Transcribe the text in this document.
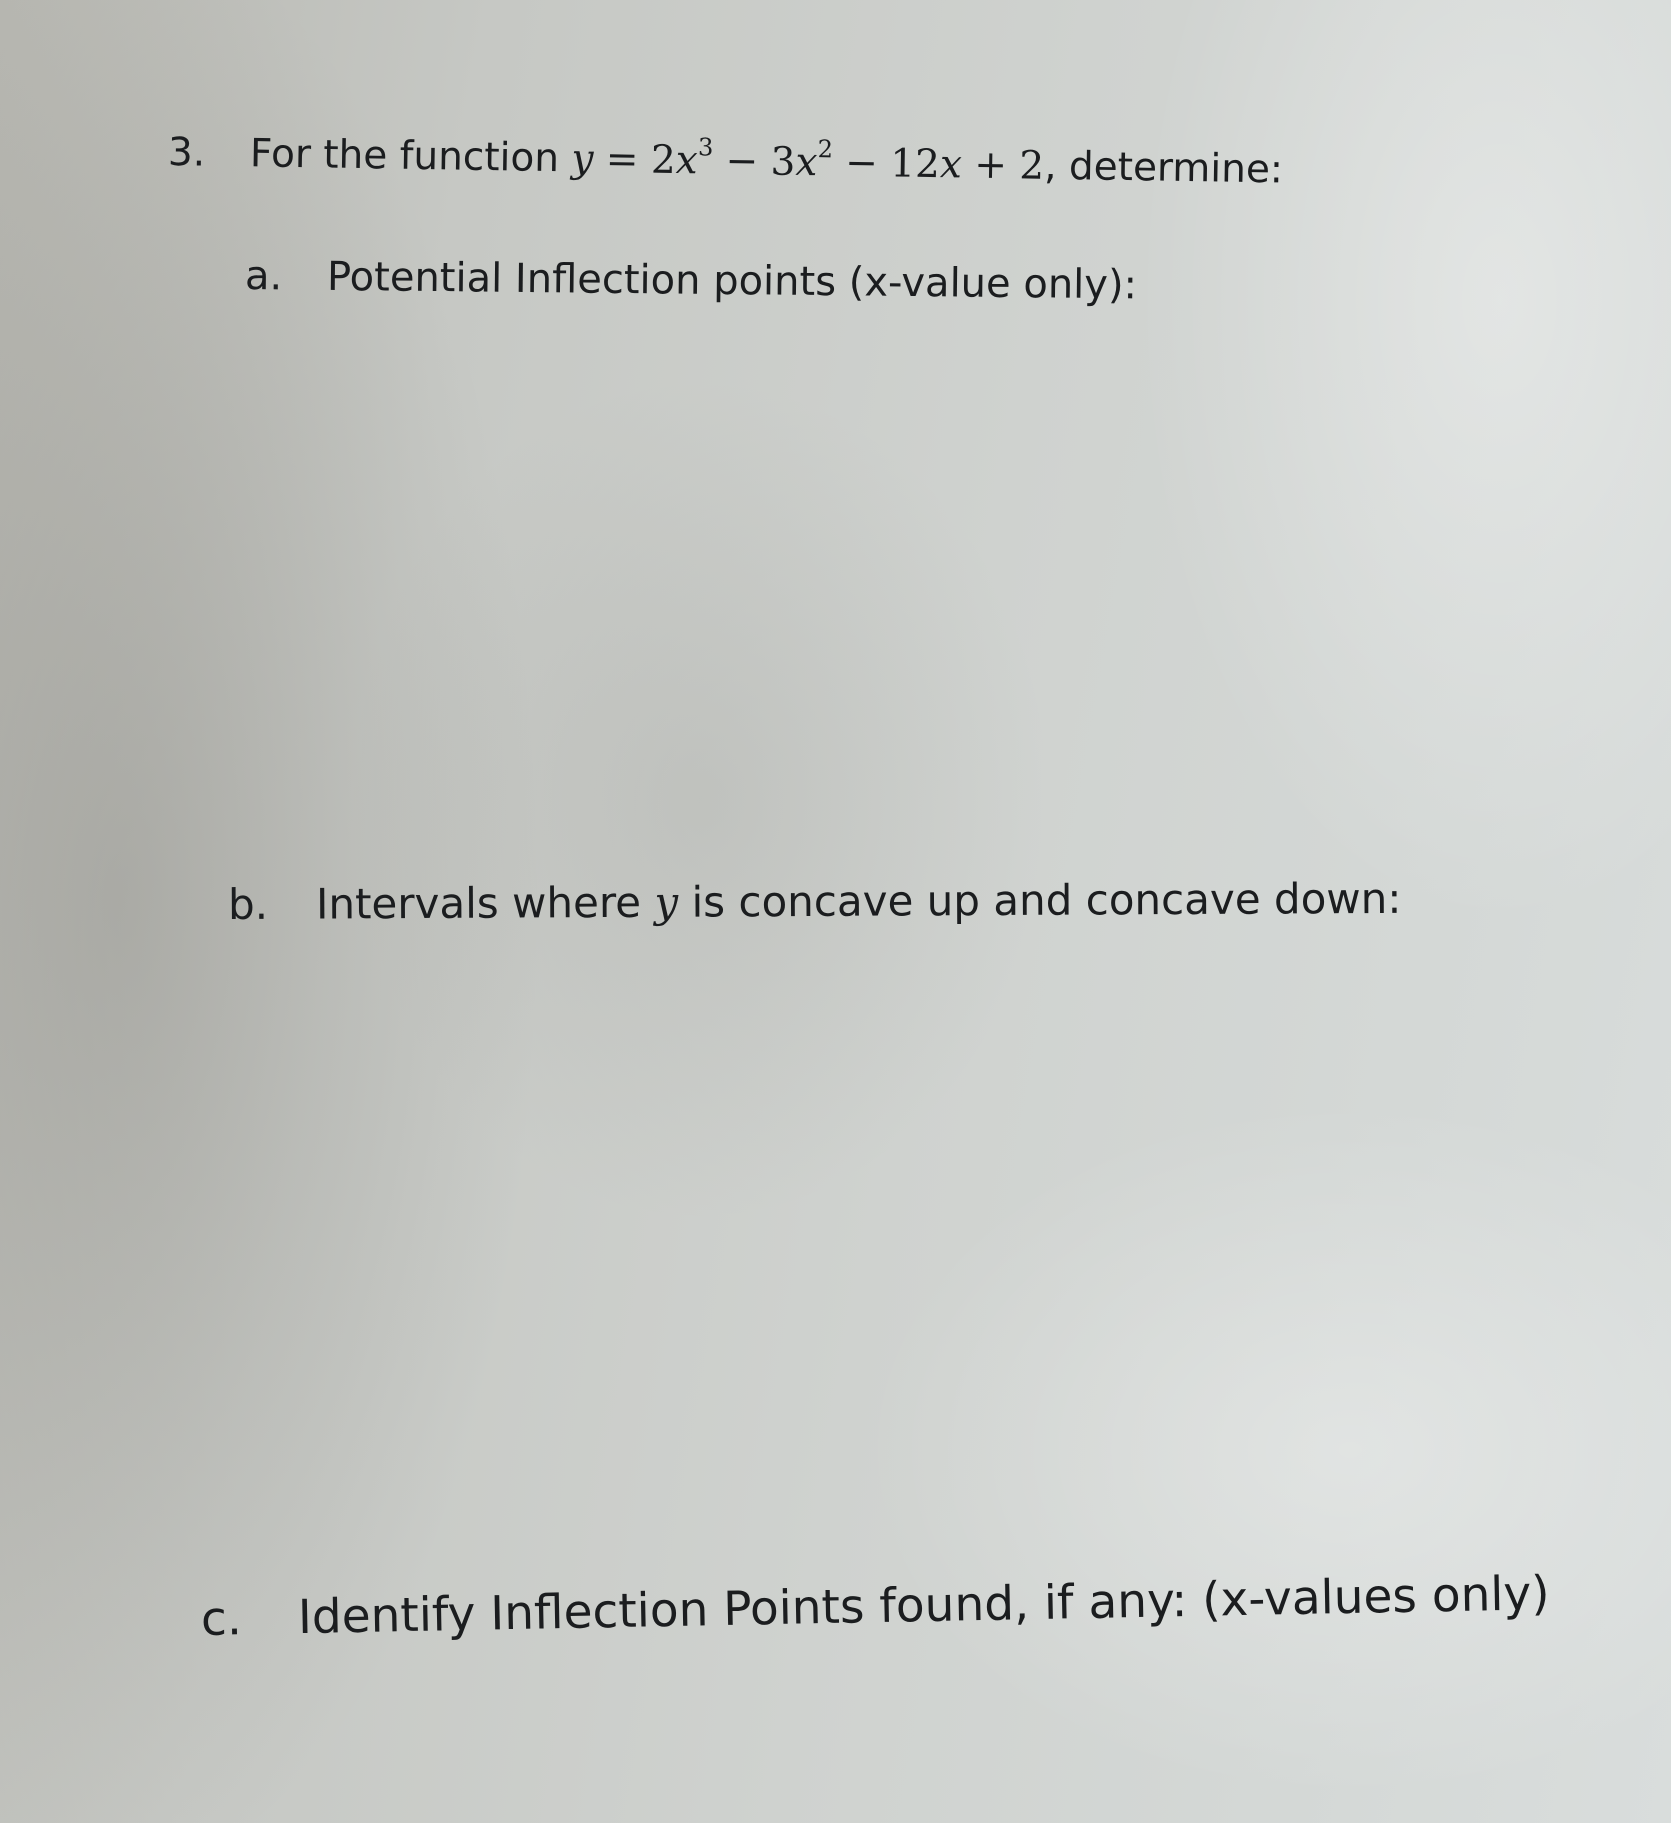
3. For the function $y = 2x^3 - 3x^2 - 12x + 2$, determine:
a. Potential Inflection points (x-value only):
b. Intervals where y is concave up and concave down:
c. Identify Inflection Points found, if any: (x-values only)
